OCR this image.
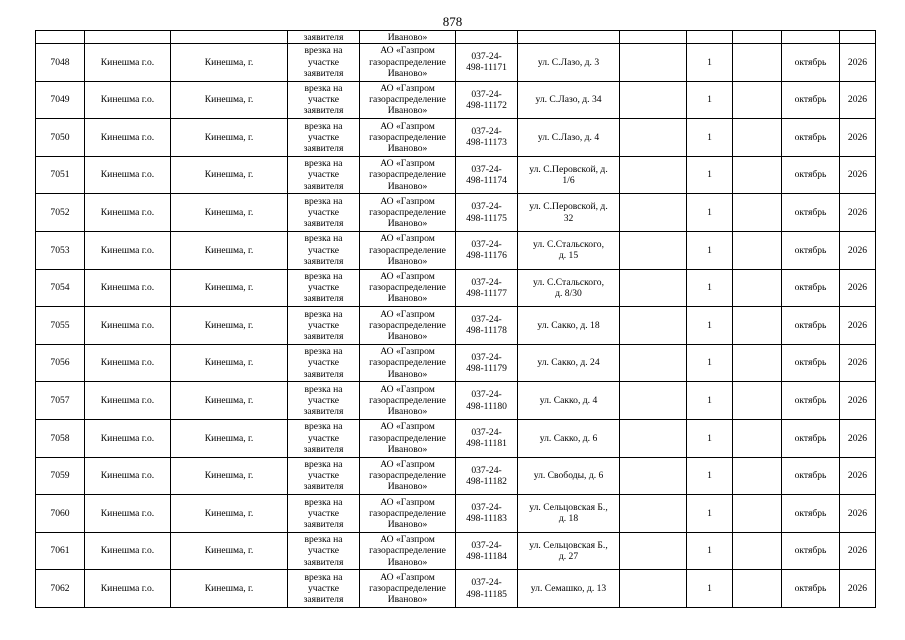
878
			заявителя	Иваново»							
7048	Кинешма г.о.	Кинешма, г.	врезка на
участке
заявителя	АО «Газпром
газораспределение
Иваново»	037-24-
498-11171	ул. С.Лазо, д. 3		1		октябрь	2026
7049	Кинешма г.о.	Кинешма, г.	врезка на
участке
заявителя	АО «Газпром
газораспределение
Иваново»	037-24-
498-11172	ул. С.Лазо, д. 34		1		октябрь	2026
7050	Кинешма г.о.	Кинешма, г.	врезка на
участке
заявителя	АО «Газпром
газораспределение
Иваново»	037-24-
498-11173	ул. С.Лазо, д. 4		1		октябрь	2026
7051	Кинешма г.о.	Кинешма, г.	врезка на
участке
заявителя	АО «Газпром
газораспределение
Иваново»	037-24-
498-11174	ул. С.Перовской, д.
1/6		1		октябрь	2026
7052	Кинешма г.о.	Кинешма, г.	врезка на
участке
заявителя	АО «Газпром
газораспределение
Иваново»	037-24-
498-11175	ул. С.Перовской, д.
32		1		октябрь	2026
7053	Кинешма г.о.	Кинешма, г.	врезка на
участке
заявителя	АО «Газпром
газораспределение
Иваново»	037-24-
498-11176	ул. С.Стальского,
д. 15		1		октябрь	2026
7054	Кинешма г.о.	Кинешма, г.	врезка на
участке
заявителя	АО «Газпром
газораспределение
Иваново»	037-24-
498-11177	ул. С.Стальского,
д. 8/30		1		октябрь	2026
7055	Кинешма г.о.	Кинешма, г.	врезка на
участке
заявителя	АО «Газпром
газораспределение
Иваново»	037-24-
498-11178	ул. Сакко, д. 18		1		октябрь	2026
7056	Кинешма г.о.	Кинешма, г.	врезка на
участке
заявителя	АО «Газпром
газораспределение
Иваново»	037-24-
498-11179	ул. Сакко, д. 24		1		октябрь	2026
7057	Кинешма г.о.	Кинешма, г.	врезка на
участке
заявителя	АО «Газпром
газораспределение
Иваново»	037-24-
498-11180	ул. Сакко, д. 4		1		октябрь	2026
7058	Кинешма г.о.	Кинешма, г.	врезка на
участке
заявителя	АО «Газпром
газораспределение
Иваново»	037-24-
498-11181	ул. Сакко, д. 6		1		октябрь	2026
7059	Кинешма г.о.	Кинешма, г.	врезка на
участке
заявителя	АО «Газпром
газораспределение
Иваново»	037-24-
498-11182	ул. Свободы, д. 6		1		октябрь	2026
7060	Кинешма г.о.	Кинешма, г.	врезка на
участке
заявителя	АО «Газпром
газораспределение
Иваново»	037-24-
498-11183	ул. Сельцовская Б.,
д. 18		1		октябрь	2026
7061	Кинешма г.о.	Кинешма, г.	врезка на
участке
заявителя	АО «Газпром
газораспределение
Иваново»	037-24-
498-11184	ул. Сельцовская Б.,
д. 27		1		октябрь	2026
7062	Кинешма г.о.	Кинешма, г.	врезка на
участке
заявителя	АО «Газпром
газораспределение
Иваново»	037-24-
498-11185	ул. Семашко, д. 13		1		октябрь	2026
